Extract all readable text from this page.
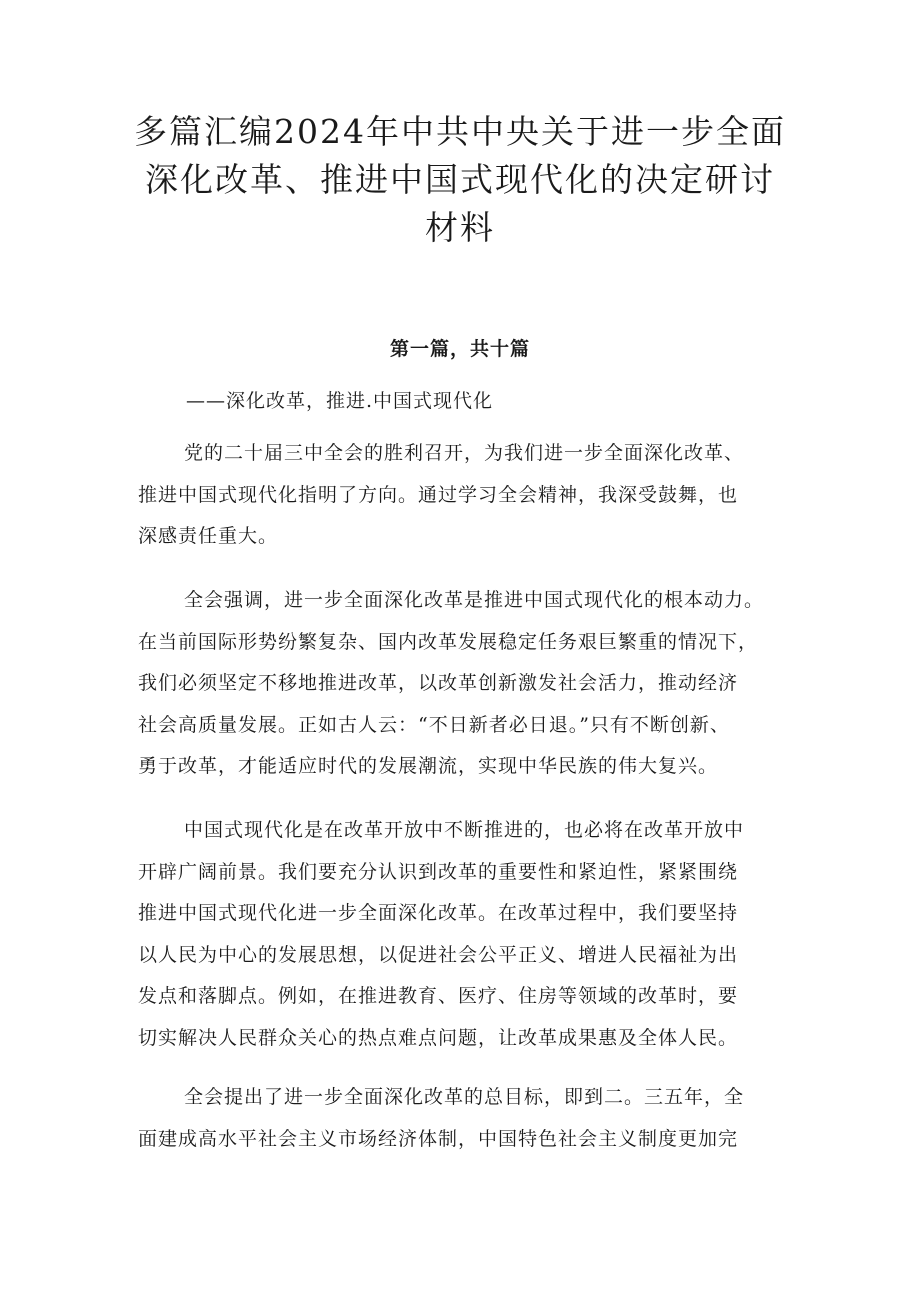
多篇汇编2024年中共中央关于进一步全面
深化改革、推进中国式现代化的决定研讨
材料
第一篇，共十篇
——深化改革，推进.中国式现代化

党的二十届三中全会的胜利召开，为我们进一步全面深化改革、
推进中国式现代化指明了方向。通过学习全会精神，我深受鼓舞，也
深感责任重大。

全会强调，进一步全面深化改革是推进中国式现代化的根本动力。
在当前国际形势纷繁复杂、国内改革发展稳定任务艰巨繁重的情况下，
我们必须坚定不移地推进改革，以改革创新激发社会活力，推动经济
社会高质量发展。正如古人云：“不日新者必日退。”只有不断创新、
勇于改革，才能适应时代的发展潮流，实现中华民族的伟大复兴。

中国式现代化是在改革开放中不断推进的，也必将在改革开放中
开辟广阔前景。我们要充分认识到改革的重要性和紧迫性，紧紧围绕
推进中国式现代化进一步全面深化改革。在改革过程中，我们要坚持
以人民为中心的发展思想，以促进社会公平正义、增进人民福祉为出
发点和落脚点。例如，在推进教育、医疗、住房等领域的改革时，要
切实解决人民群众关心的热点难点问题，让改革成果惠及全体人民。

全会提出了进一步全面深化改革的总目标，即到二。三五年，全
面建成高水平社会主义市场经济体制，中国特色社会主义制度更加完
